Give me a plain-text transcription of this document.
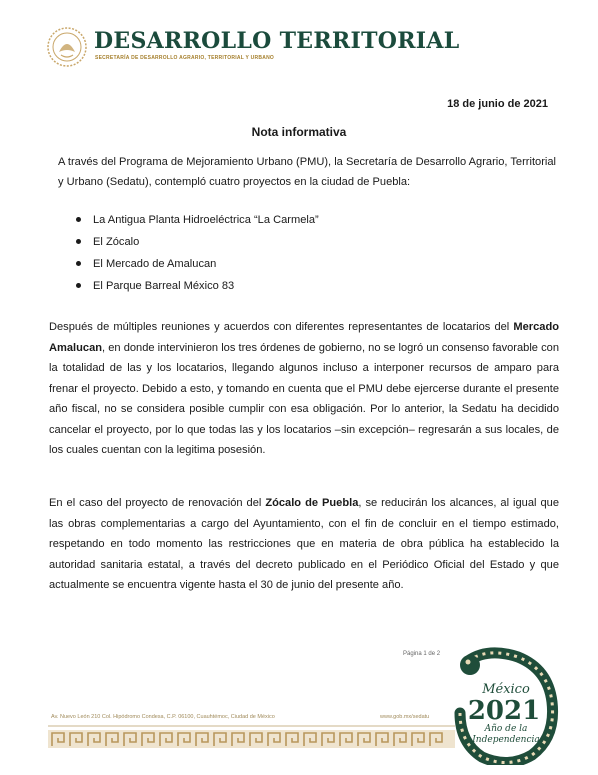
DESARROLLO TERRITORIAL
SECRETARÍA DE DESARROLLO AGRARIO, TERRITORIAL Y URBANO
18 de junio de 2021
Nota informativa
A través del Programa de Mejoramiento Urbano (PMU), la Secretaría de Desarrollo Agrario, Territorial y Urbano (Sedatu), contempló cuatro proyectos en la ciudad de Puebla:
La Antigua Planta Hidroeléctrica “La Carmela”
El Zócalo
El Mercado de Amalucan
El Parque Barreal México 83

Después de múltiples reuniones y acuerdos con diferentes representantes de locatarios del Mercado Amalucan, en donde intervinieron los tres órdenes de gobierno, no se logró un consenso favorable con la totalidad de las y los locatarios, llegando algunos incluso a interponer recursos de amparo para frenar el proyecto. Debido a esto, y tomando en cuenta que el PMU debe ejercerse durante el presente año fiscal, no se considera posible cumplir con esa obligación. Por lo anterior, la Sedatu ha decidido cancelar el proyecto, por lo que todas las y los locatarios –sin excepción– regresarán a sus locales, de los cuales cuentan con la legitima posesión.

En el caso del proyecto de renovación del Zócalo de Puebla, se reducirán los alcances, al igual que las obras complementarias a cargo del Ayuntamiento, con el fin de concluir en el tiempo estimado, respetando en todo momento las restricciones que en materia de obra pública ha establecido la autoridad sanitaria estatal, a través del decreto publicado en el Periódico Oficial del Estado y que actualmente se encuentra vigente hasta el 30 de junio del presente año.

Página 1 de 2
Av. Nuevo León 210 Col. Hipódromo Condesa, C.P. 06100, Cuauhtémoc, Ciudad de México	www.gob.mx/sedatu
México
2021
Año de la
Independencia
